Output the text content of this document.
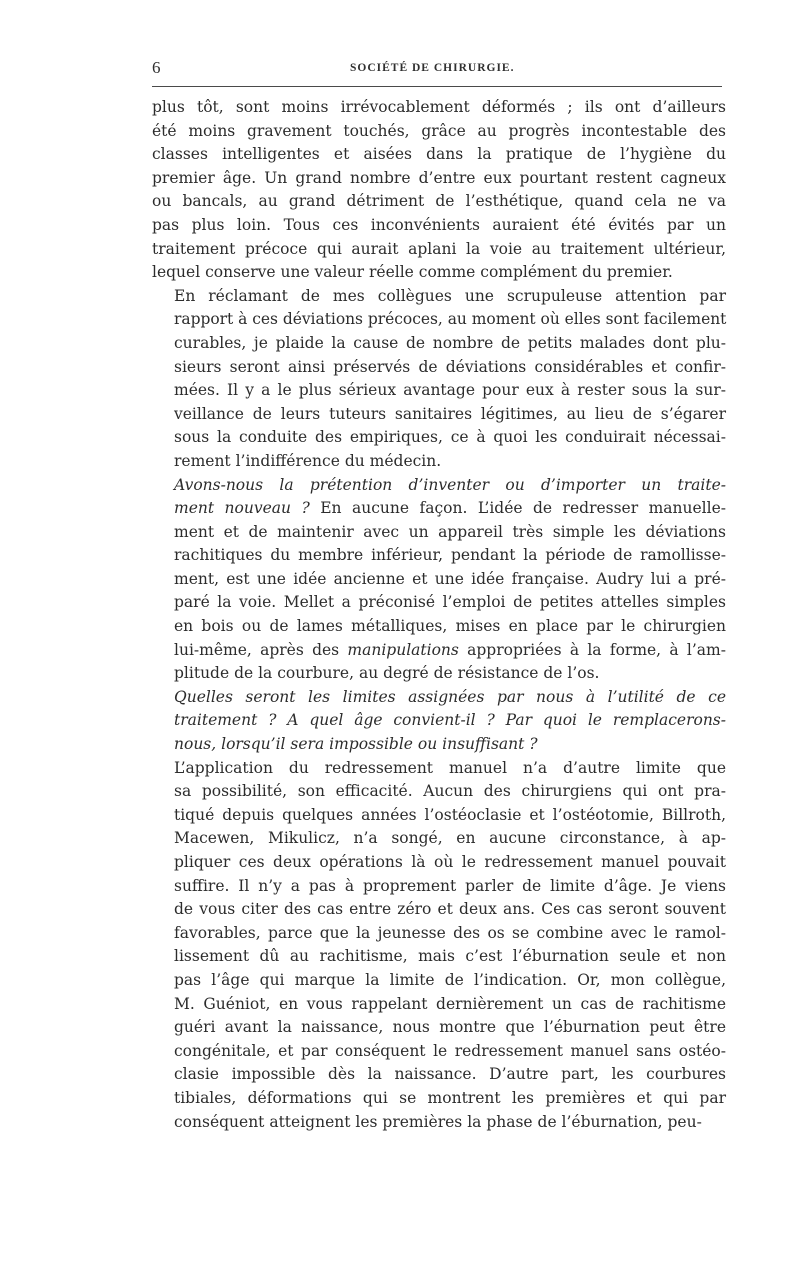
6	SOCIÉTÉ DE CHIRURGIE.
plus tôt, sont moins irrévocablement déformés ; ils ont d’ailleurs
été moins gravement touchés, grâce au progrès incontestable des
classes intelligentes et aisées dans la pratique de l’hygiène du
premier âge. Un grand nombre d’entre eux pourtant restent cagneux
ou bancals, au grand détriment de l’esthétique, quand cela ne va
pas plus loin. Tous ces inconvénients auraient été évités par un
traitement précoce qui aurait aplani la voie au traitement ultérieur,
lequel conserve une valeur réelle comme complément du premier.
En réclamant de mes collègues une scrupuleuse attention par
rapport à ces déviations précoces, au moment où elles sont facilement
curables, je plaide la cause de nombre de petits malades dont plu-
sieurs seront ainsi préservés de déviations considérables et confir-
mées. Il y a le plus sérieux avantage pour eux à rester sous la sur-
veillance de leurs tuteurs sanitaires légitimes, au lieu de s’égarer
sous la conduite des empiriques, ce à quoi les conduirait nécessai-
rement l’indifférence du médecin.
Avons-nous la prétention d’inventer ou d’importer un traite-
ment nouveau ? En aucune façon. L’idée de redresser manuelle-
ment et de maintenir avec un appareil très simple les déviations
rachitiques du membre inférieur, pendant la période de ramollisse-
ment, est une idée ancienne et une idée française. Audry lui a pré-
paré la voie. Mellet a préconisé l’emploi de petites attelles simples
en bois ou de lames métalliques, mises en place par le chirurgien
lui-même, après des manipulations appropriées à la forme, à l’am-
plitude de la courbure, au degré de résistance de l’os.
Quelles seront les limites assignées par nous à l’utilité de ce
traitement ? A quel âge convient-il ? Par quoi le remplacerons-
nous, lorsqu’il sera impossible ou insuffisant ?
L’application du redressement manuel n’a d’autre limite que
sa possibilité, son efficacité. Aucun des chirurgiens qui ont pra-
tiqué depuis quelques années l’ostéoclasie et l’ostéotomie, Billroth,
Macewen, Mikulicz, n’a songé, en aucune circonstance, à ap-
pliquer ces deux opérations là où le redressement manuel pouvait
suffire. Il n’y a pas à proprement parler de limite d’âge. Je viens
de vous citer des cas entre zéro et deux ans. Ces cas seront souvent
favorables, parce que la jeunesse des os se combine avec le ramol-
lissement dû au rachitisme, mais c’est l’éburnation seule et non
pas l’âge qui marque la limite de l’indication. Or, mon collègue,
M. Guéniot, en vous rappelant dernièrement un cas de rachitisme
guéri avant la naissance, nous montre que l’éburnation peut être
congénitale, et par conséquent le redressement manuel sans ostéo-
clasie impossible dès la naissance. D’autre part, les courbures
tibiales, déformations qui se montrent les premières et qui par
conséquent atteignent les premières la phase de l’éburnation, peu-
